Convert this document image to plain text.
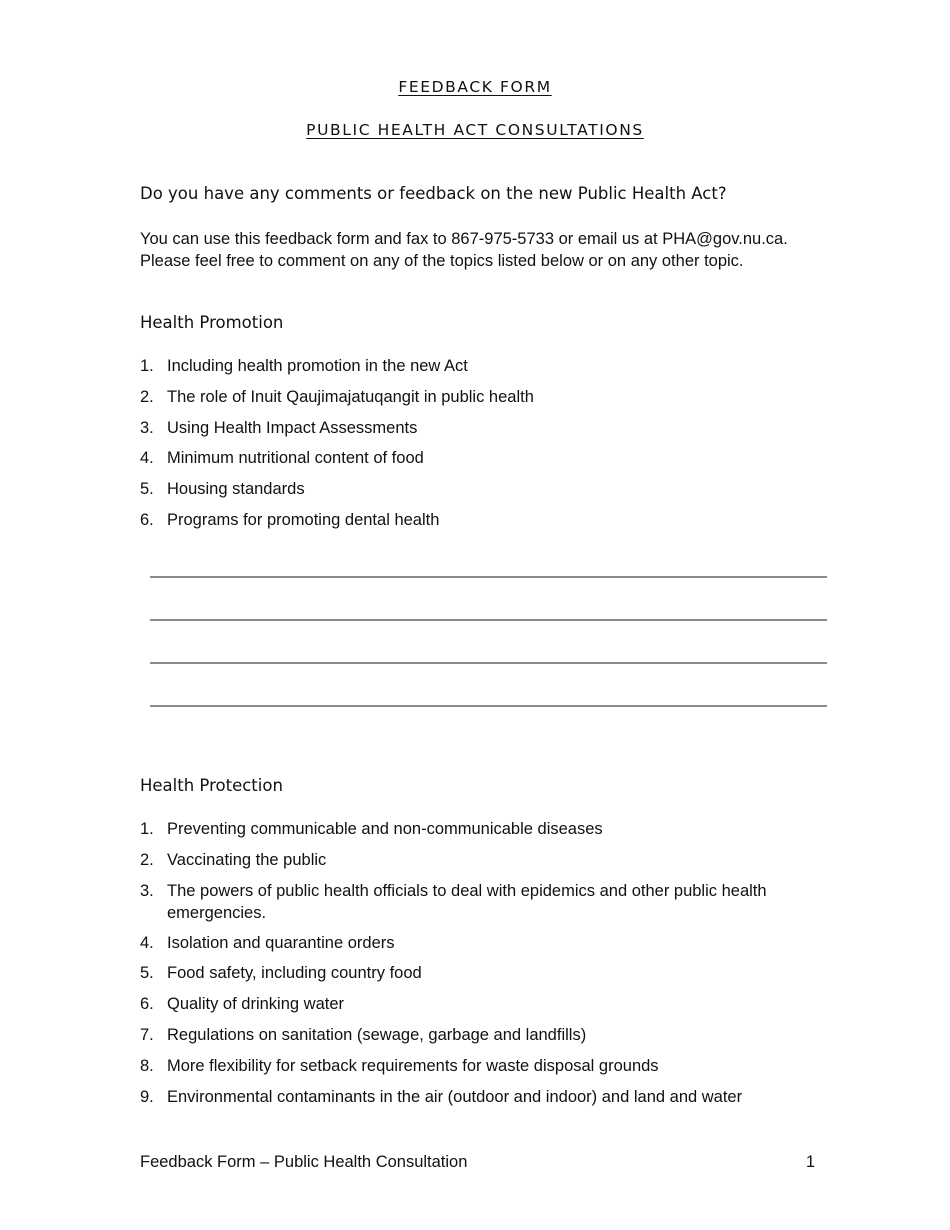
FEEDBACK FORM
PUBLIC HEALTH ACT CONSULTATIONS
Do you have any comments or feedback on the new Public Health Act?
You can use this feedback form and fax to 867-975-5733 or email us at PHA@gov.nu.ca.
Please feel free to comment on any of the topics listed below or on any other topic.
Health Promotion
1. Including health promotion in the new Act
2. The role of Inuit Qaujimajatuqangit in public health
3. Using Health Impact Assessments
4. Minimum nutritional content of food
5. Housing standards
6. Programs for promoting dental health
Health Protection
1. Preventing communicable and non-communicable diseases
2. Vaccinating the public
3. The powers of public health officials to deal with epidemics and other public health emergencies.
4. Isolation and quarantine orders
5. Food safety, including country food
6. Quality of drinking water
7. Regulations on sanitation (sewage, garbage and landfills)
8. More flexibility for setback requirements for waste disposal grounds
9. Environmental contaminants in the air (outdoor and indoor) and land and water
Feedback Form – Public Health Consultation	1
